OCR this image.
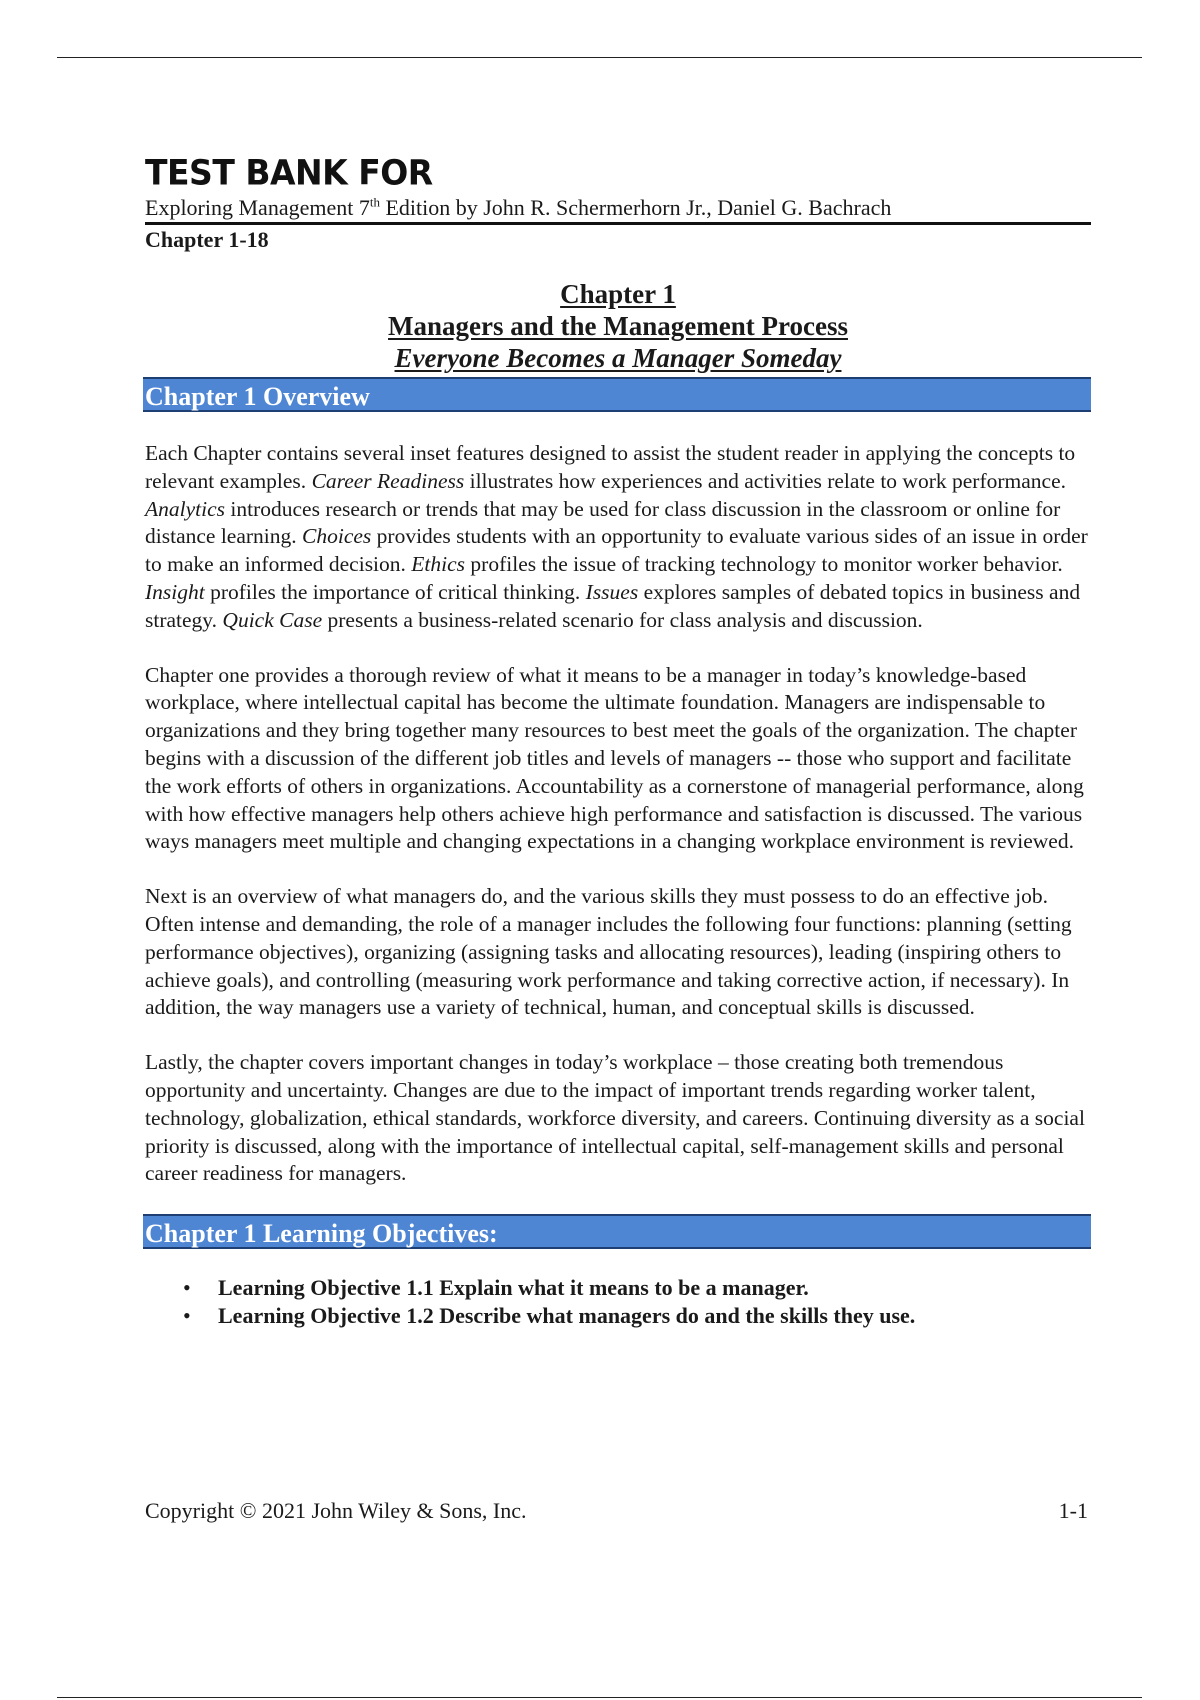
TEST BANK FOR
Exploring Management 7th Edition by John R. Schermerhorn Jr., Daniel G. Bachrach
Chapter 1-18
Chapter 1
Managers and the Management Process
Everyone Becomes a Manager Someday
Chapter 1 Overview

Each Chapter contains several inset features designed to assist the student reader in applying the concepts to relevant examples. Career Readiness illustrates how experiences and activities relate to work performance. Analytics introduces research or trends that may be used for class discussion in the classroom or online for distance learning. Choices provides students with an opportunity to evaluate various sides of an issue in order to make an informed decision. Ethics profiles the issue of tracking technology to monitor worker behavior. Insight profiles the importance of critical thinking. Issues explores samples of debated topics in business and strategy. Quick Case presents a business-related scenario for class analysis and discussion.

Chapter one provides a thorough review of what it means to be a manager in today’s knowledge-based workplace, where intellectual capital has become the ultimate foundation. Managers are indispensable to organizations and they bring together many resources to best meet the goals of the organization. The chapter begins with a discussion of the different job titles and levels of managers -- those who support and facilitate the work efforts of others in organizations. Accountability as a cornerstone of managerial performance, along with how effective managers help others achieve high performance and satisfaction is discussed. The various ways managers meet multiple and changing expectations in a changing workplace environment is reviewed.

Next is an overview of what managers do, and the various skills they must possess to do an effective job. Often intense and demanding, the role of a manager includes the following four functions: planning (setting performance objectives), organizing (assigning tasks and allocating resources), leading (inspiring others to achieve goals), and controlling (measuring work performance and taking corrective action, if necessary). In addition, the way managers use a variety of technical, human, and conceptual skills is discussed.

Lastly, the chapter covers important changes in today’s workplace – those creating both tremendous opportunity and uncertainty. Changes are due to the impact of important trends regarding worker talent, technology, globalization, ethical standards, workforce diversity, and careers. Continuing diversity as a social priority is discussed, along with the importance of intellectual capital, self-management skills and personal career readiness for managers.

Chapter 1 Learning Objectives:
• Learning Objective 1.1 Explain what it means to be a manager.
• Learning Objective 1.2 Describe what managers do and the skills they use.
Copyright © 2021 John Wiley & Sons, Inc.	1-1
